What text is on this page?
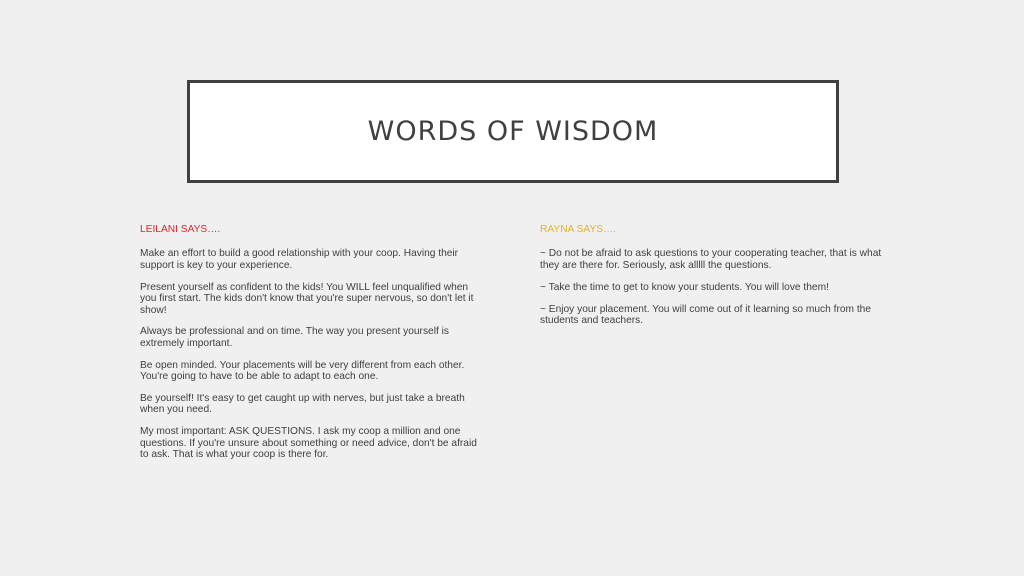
WORDS OF WISDOM

LEILANI SAYS….

Make an effort to build a good relationship with your coop. Having their support is key to your experience.

Present yourself as confident to the kids! You WILL feel unqualified when you first start. The kids don't know that you're super nervous, so don't let it show!

Always be professional and on time. The way you present yourself is extremely important.

Be open minded. Your placements will be very different from each other. You're going to have to be able to adapt to each one.

Be yourself! It's easy to get caught up with nerves, but just take a breath when you need.

My most important: ASK QUESTIONS. I ask my coop a million and one questions. If you're unsure about something or need advice, don't be afraid to ask. That is what your coop is there for.

RAYNA SAYS….

~ Do not be afraid to ask questions to your cooperating teacher, that is what they are there for. Seriously, ask alllll the questions.

~ Take the time to get to know your students. You will love them!

~ Enjoy your placement. You will come out of it learning so much from the students and teachers.
